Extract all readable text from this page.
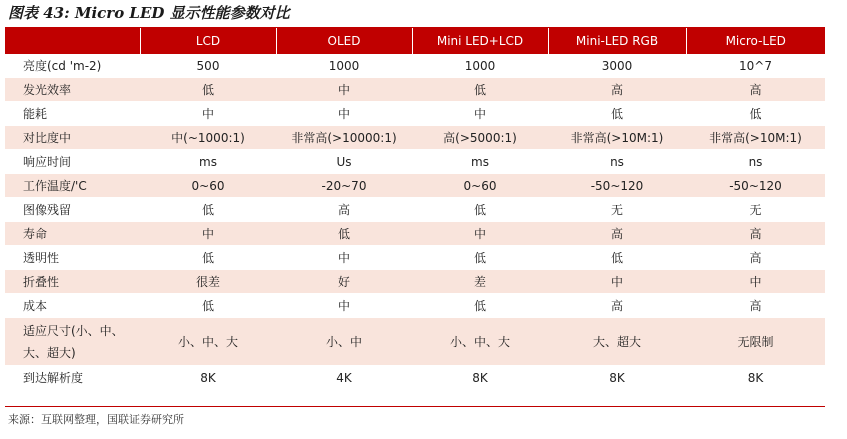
图表 43: Micro LED 显示性能参数对比
	LCD	OLED	Mini LED+LCD	Mini-LED RGB	Micro-LED
亮度(cd 'm-2)	500	1000	1000	3000	10^7
发光效率	低	中	低	高	高
能耗	中	中	中	低	低
对比度中	中(~1000:1)	非常高(>10000:1)	高(>5000:1)	非常高(>10M:1)	非常高(>10M:1)
响应时间	ms	Us	ms	ns	ns
工作温度/'C	0~60	-20~70	0~60	-50~120	-50~120
图像残留	低	高	低	无	无
寿命	中	低	中	高	高
透明性	低	中	低	低	高
折叠性	很差	好	差	中	中
成本	低	中	低	高	高
适应尺寸(小、中、大、超大)	小、中、大	小、中	小、中、大	大、超大	无限制
到达解析度	8K	4K	8K	8K	8K
来源：互联网整理，国联证券研究所
